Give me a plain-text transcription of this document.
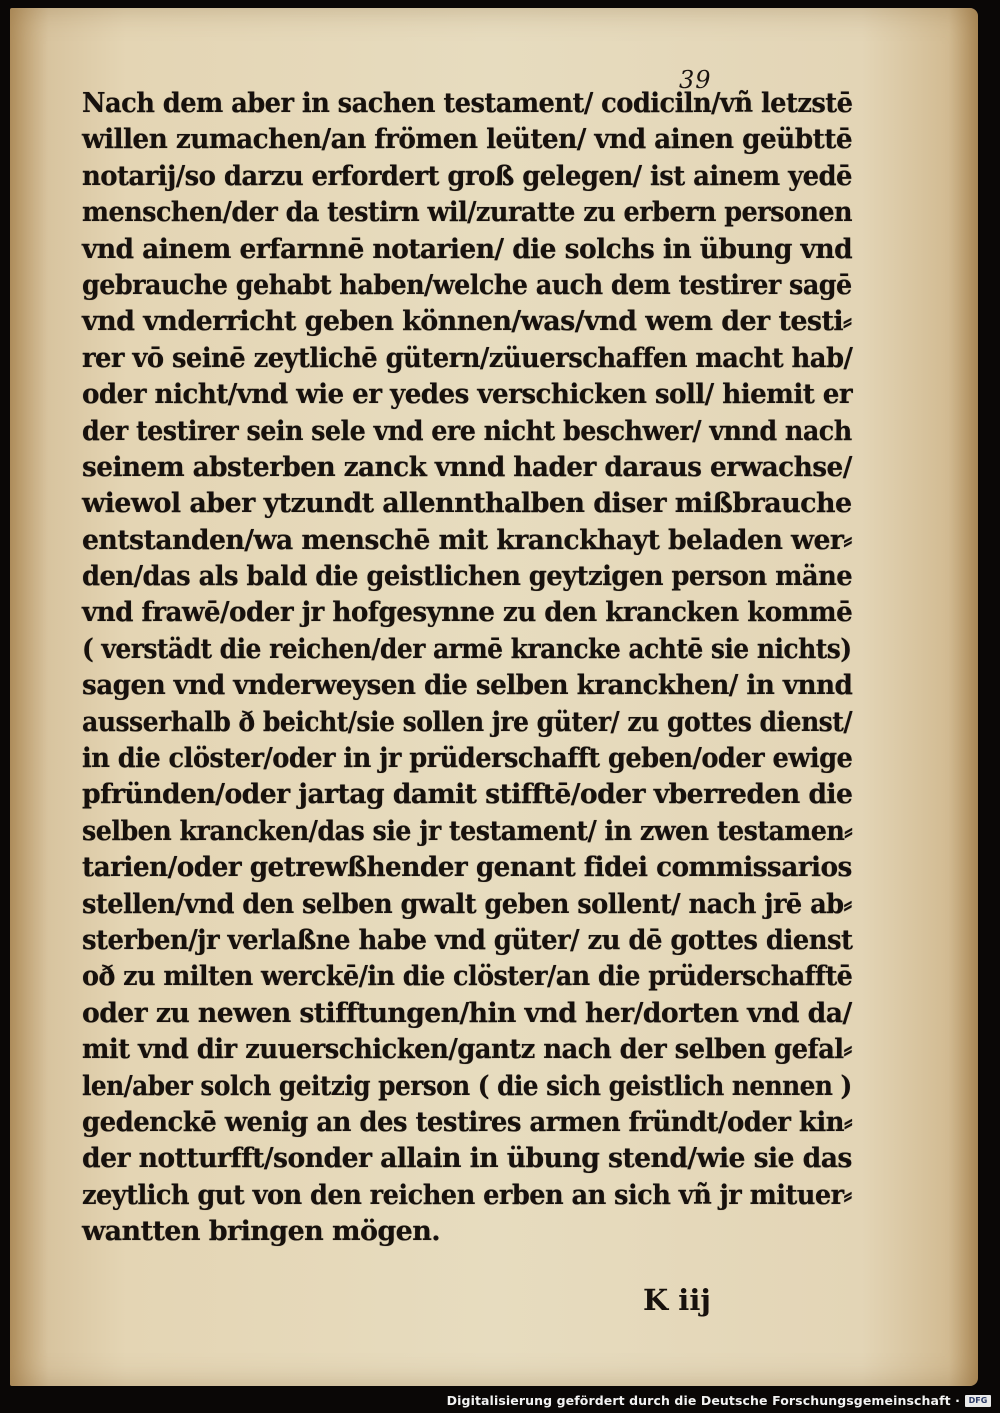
39
Nach dem aber in sachen testament/ codiciln/vñ letzstē
willen zumachen/an frömen leüten/ vnd ainen geübttē
notarij/so darzu erfordert groß gelegen/ ist ainem yedē
menschen/der da testirn wil/zuratte zu erbern personen
vnd ainem erfarnnē notarien/ die solchs in übung vnd
gebrauche gehabt haben/welche auch dem testirer sagē
vnd vnderricht geben können/was/vnd wem der testi⸗
rer vō seinē zeytlichē gütern/züuerschaffen macht hab/
oder nicht/vnd wie er yedes verschicken soll/ hiemit er
der testirer sein sele vnd ere nicht beschwer/ vnnd nach
seinem absterben zanck vnnd hader daraus erwachse/
wiewol aber ytzundt allennthalben diser mißbrauche
entstanden/wa menschē mit kranckhayt beladen wer⸗
den/das als bald die geistlichen geytzigen person mäne
vnd frawē/oder jr hofgesynne zu den krancken kommē
( verstädt die reichen/der armē krancke achtē sie nichts)
sagen vnd vnderweysen die selben kranckhen/ in vnnd
ausserhalb ð beicht/sie sollen jre güter/ zu gottes dienst/
in die clöster/oder in jr prüderschafft geben/oder ewige
pfründen/oder jartag damit stifftē/oder vberreden die
selben krancken/das sie jr testament/ in zwen testamen⸗
tarien/oder getrewßhender genant fidei commissarios
stellen/vnd den selben gwalt geben sollent/ nach jrē ab⸗
sterben/jr verlaßne habe vnd güter/ zu dē gottes dienst
oð zu milten werckē/in die clöster/an die prüderschafftē
oder zu newen stifftungen/hin vnd her/dorten vnd da/
mit vnd dir zuuerschicken/gantz nach der selben gefal⸗
len/aber solch geitzig person ( die sich geistlich nennen )
gedenckē wenig an des testires armen fründt/oder kin⸗
der notturfft/sonder allain in übung stend/wie sie das
zeytlich gut von den reichen erben an sich vñ jr mituer⸗
wantten bringen mögen.
K iij
Digitalisierung gefördert durch die Deutsche Forschungsgemeinschaft ·	DFG
